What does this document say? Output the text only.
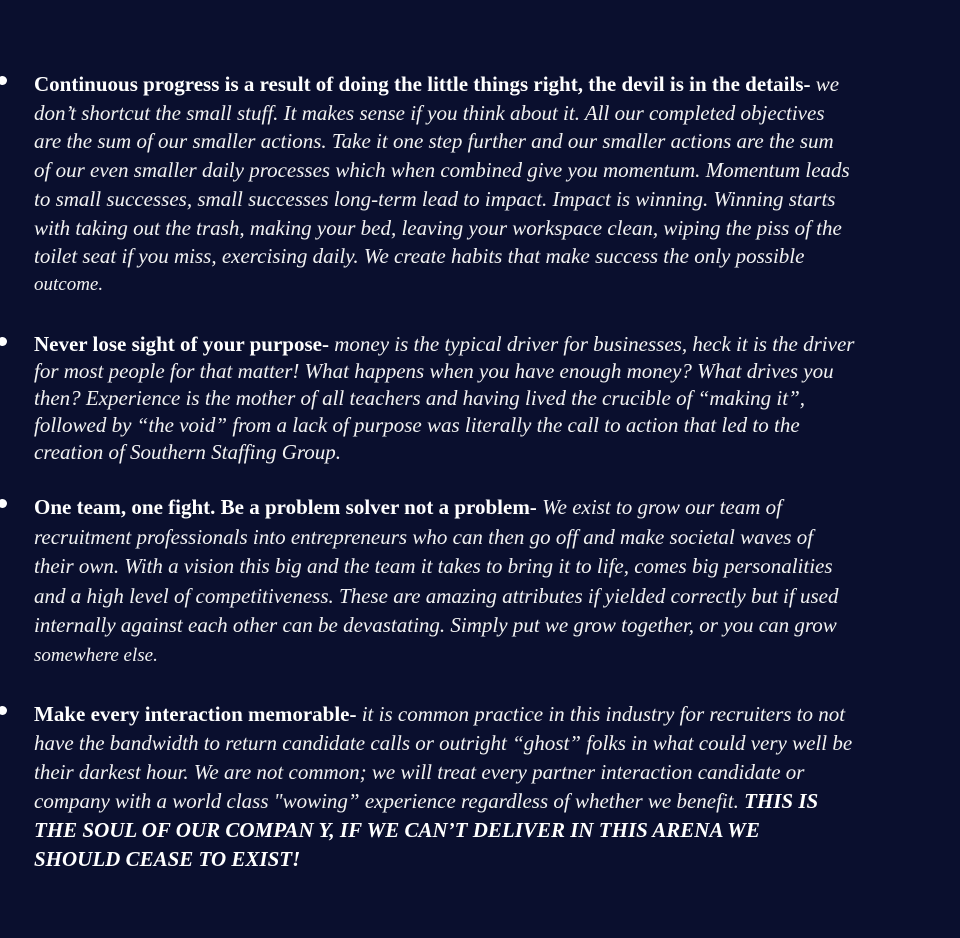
Continuous progress is a result of doing the little things right, the devil is in the details- we
don’t shortcut the small stuff. It makes sense if you think about it. All our completed objectives
are the sum of our smaller actions. Take it one step further and our smaller actions are the sum
of our even smaller daily processes which when combined give you momentum. Momentum leads
to small successes, small successes long-term lead to impact. Impact is winning. Winning starts
with taking out the trash, making your bed, leaving your workspace clean, wiping the piss of the
toilet seat if you miss, exercising daily. We create habits that make success the only possible
outcome.

Never lose sight of your purpose- money is the typical driver for businesses, heck it is the driver
for most people for that matter! What happens when you have enough money? What drives you
then? Experience is the mother of all teachers and having lived the crucible of “making it”,
followed by “the void” from a lack of purpose was literally the call to action that led to the
creation of Southern Staffing Group.

One team, one fight. Be a problem solver not a problem- We exist to grow our team of
recruitment professionals into entrepreneurs who can then go off and make societal waves of
their own. With a vision this big and the team it takes to bring it to life, comes big personalities
and a high level of competitiveness. These are amazing attributes if yielded correctly but if used
internally against each other can be devastating. Simply put we grow together, or you can grow
somewhere else.

Make every interaction memorable- it is common practice in this industry for recruiters to not
have the bandwidth to return candidate calls or outright “ghost” folks in what could very well be
their darkest hour. We are not common; we will treat every partner interaction candidate or
company with a world class "wowing” experience regardless of whether we benefit. THIS IS
THE SOUL OF OUR COMPAN Y, IF WE CAN’T DELIVER IN THIS ARENA WE
SHOULD CEASE TO EXIST!
